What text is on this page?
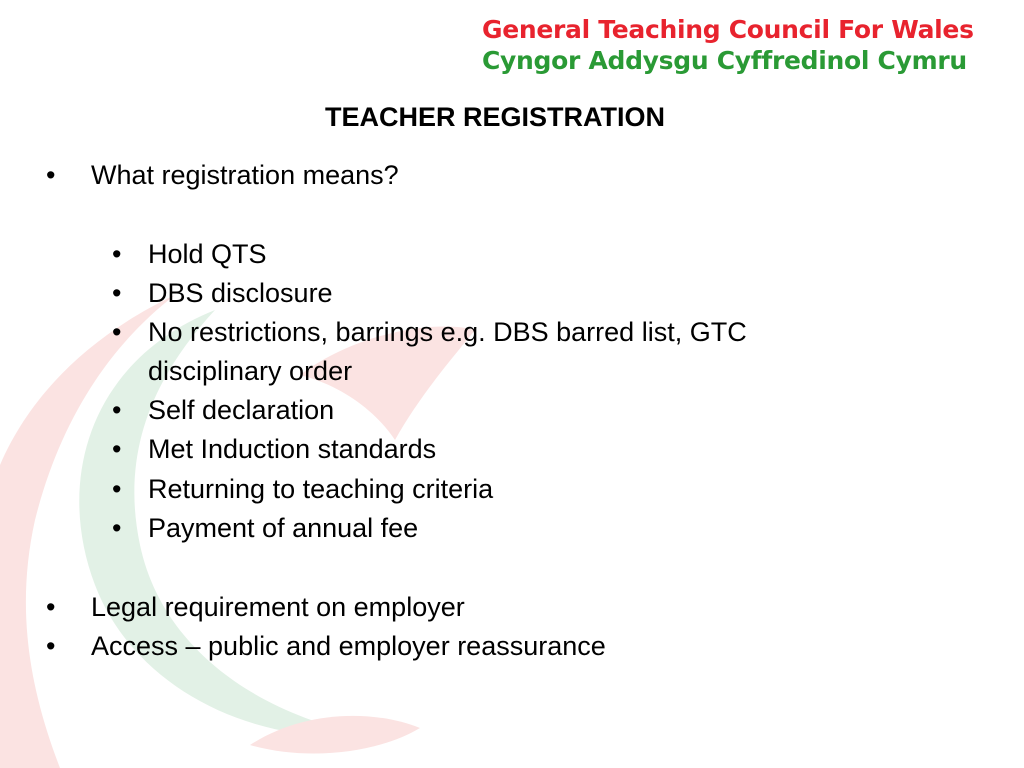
General Teaching Council For Wales
Cyngor Addysgu Cyffredinol Cymru
TEACHER REGISTRATION
• What registration means?
• Hold QTS
• DBS disclosure
• No restrictions, barrings e.g. DBS barred list, GTC
disciplinary order
• Self declaration
• Met Induction standards
• Returning to teaching criteria
• Payment of annual fee
• Legal requirement on employer
• Access – public and employer reassurance
